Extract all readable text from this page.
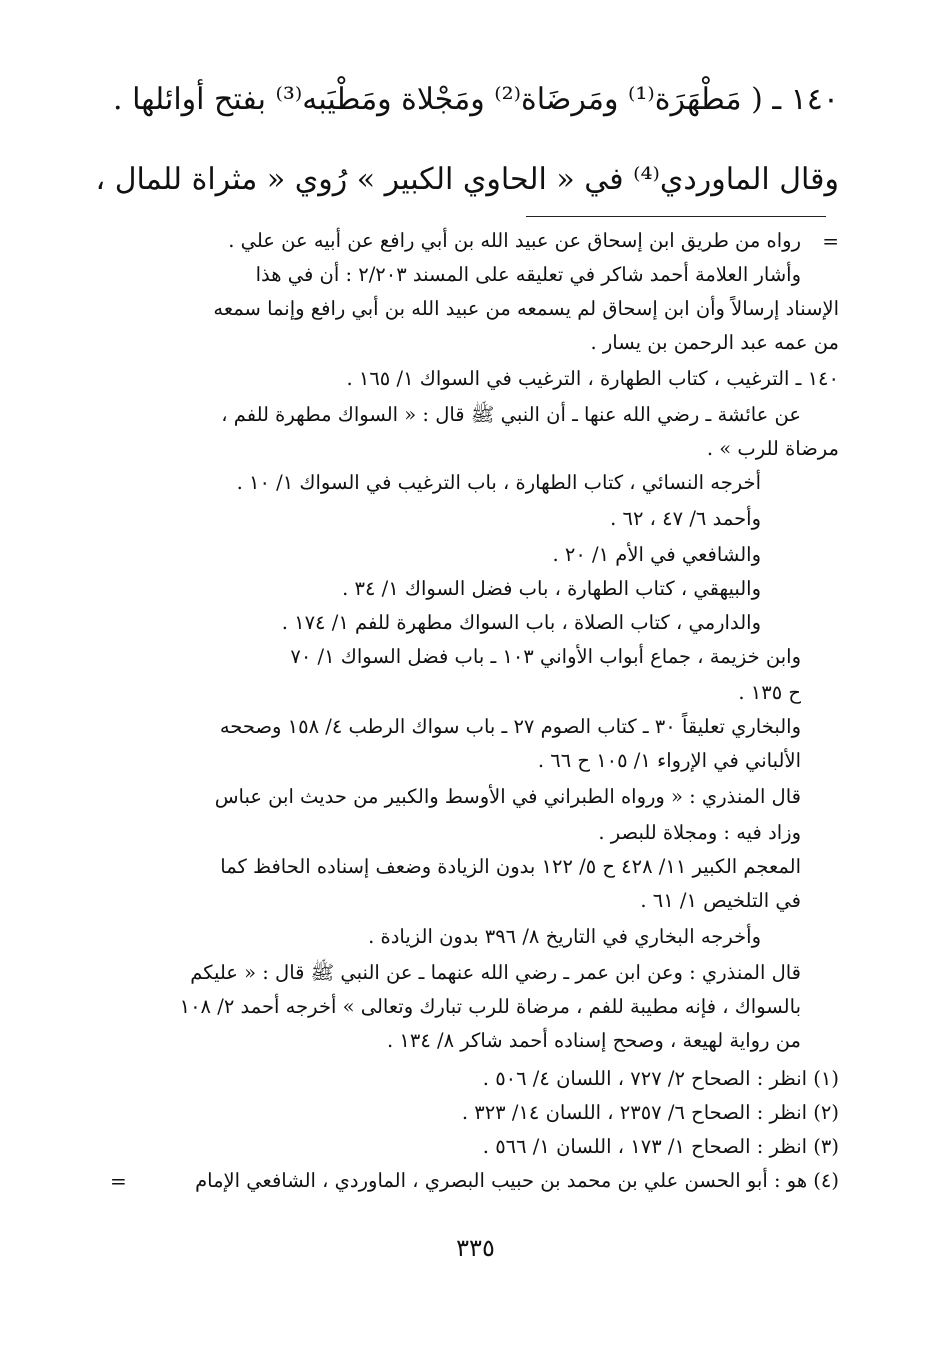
١٤٠ ـ ( مَطْهَرَة⁽¹⁾ ومَرضَاة⁽²⁾ ومَجْلاة ومَطْيَبه⁽³⁾ بفتح أوائلها .
وقال الماوردي⁽⁴⁾ في « الحاوي الكبير » رُوي « مثراة للمال ،
=
رواه من طريق ابن إسحاق عن عبيد الله بن أبي رافع عن أبيه عن علي .
وأشار العلامة أحمد شاكر في تعليقه على المسند ٢/٢٠٣ : أن في هذا
الإسناد إرسالاً وأن ابن إسحاق لم يسمعه من عبيد الله بن أبي رافع وإنما سمعه
من عمه عبد الرحمن بن يسار .
١٤٠ ـ الترغيب ، كتاب الطهارة ، الترغيب في السواك ١/ ١٦٥ .
عن عائشة ـ رضي الله عنها ـ أن النبي ﷺ قال : « السواك مطهرة للفم ،
مرضاة للرب » .
أخرجه النسائي ، كتاب الطهارة ، باب الترغيب في السواك ١/ ١٠ .
وأحمد ٦/ ٤٧ ، ٦٢ .
والشافعي في الأم ١/ ٢٠ .
والبيهقي ، كتاب الطهارة ، باب فضل السواك ١/ ٣٤ .
والدارمي ، كتاب الصلاة ، باب السواك مطهرة للفم ١/ ١٧٤ .
وابن خزيمة ، جماع أبواب الأواني ١٠٣ ـ باب فضل السواك ١/ ٧٠
ح ١٣٥ .
والبخاري تعليقاً ٣٠ ـ كتاب الصوم ٢٧ ـ باب سواك الرطب ٤/ ١٥٨ وصححه
الألباني في الإرواء ١/ ١٠٥ ح ٦٦ .
قال المنذري : « ورواه الطبراني في الأوسط والكبير من حديث ابن عباس
وزاد فيه : ومجلاة للبصر .
المعجم الكبير ١١/ ٤٢٨ ح ٥/ ١٢٢ بدون الزيادة وضعف إسناده الحافظ كما
في التلخيص ١/ ٦١ .
وأخرجه البخاري في التاريخ ٨/ ٣٩٦ بدون الزيادة .
قال المنذري : وعن ابن عمر ـ رضي الله عنهما ـ عن النبي ﷺ قال : « عليكم
بالسواك ، فإنه مطيبة للفم ، مرضاة للرب تبارك وتعالى » أخرجه أحمد ٢/ ١٠٨
من رواية لهيعة ، وصحح إسناده أحمد شاكر ٨/ ١٣٤ .
(١) انظر : الصحاح ٢/ ٧٢٧ ، اللسان ٤/ ٥٠٦ .
(٢) انظر : الصحاح ٦/ ٢٣٥٧ ، اللسان ١٤/ ٣٢٣ .
(٣) انظر : الصحاح ١/ ١٧٣ ، اللسان ١/ ٥٦٦ .
(٤) هو : أبو الحسن علي بن محمد بن حبيب البصري ، الماوردي ، الشافعي الإمام
=
٣٣٥
